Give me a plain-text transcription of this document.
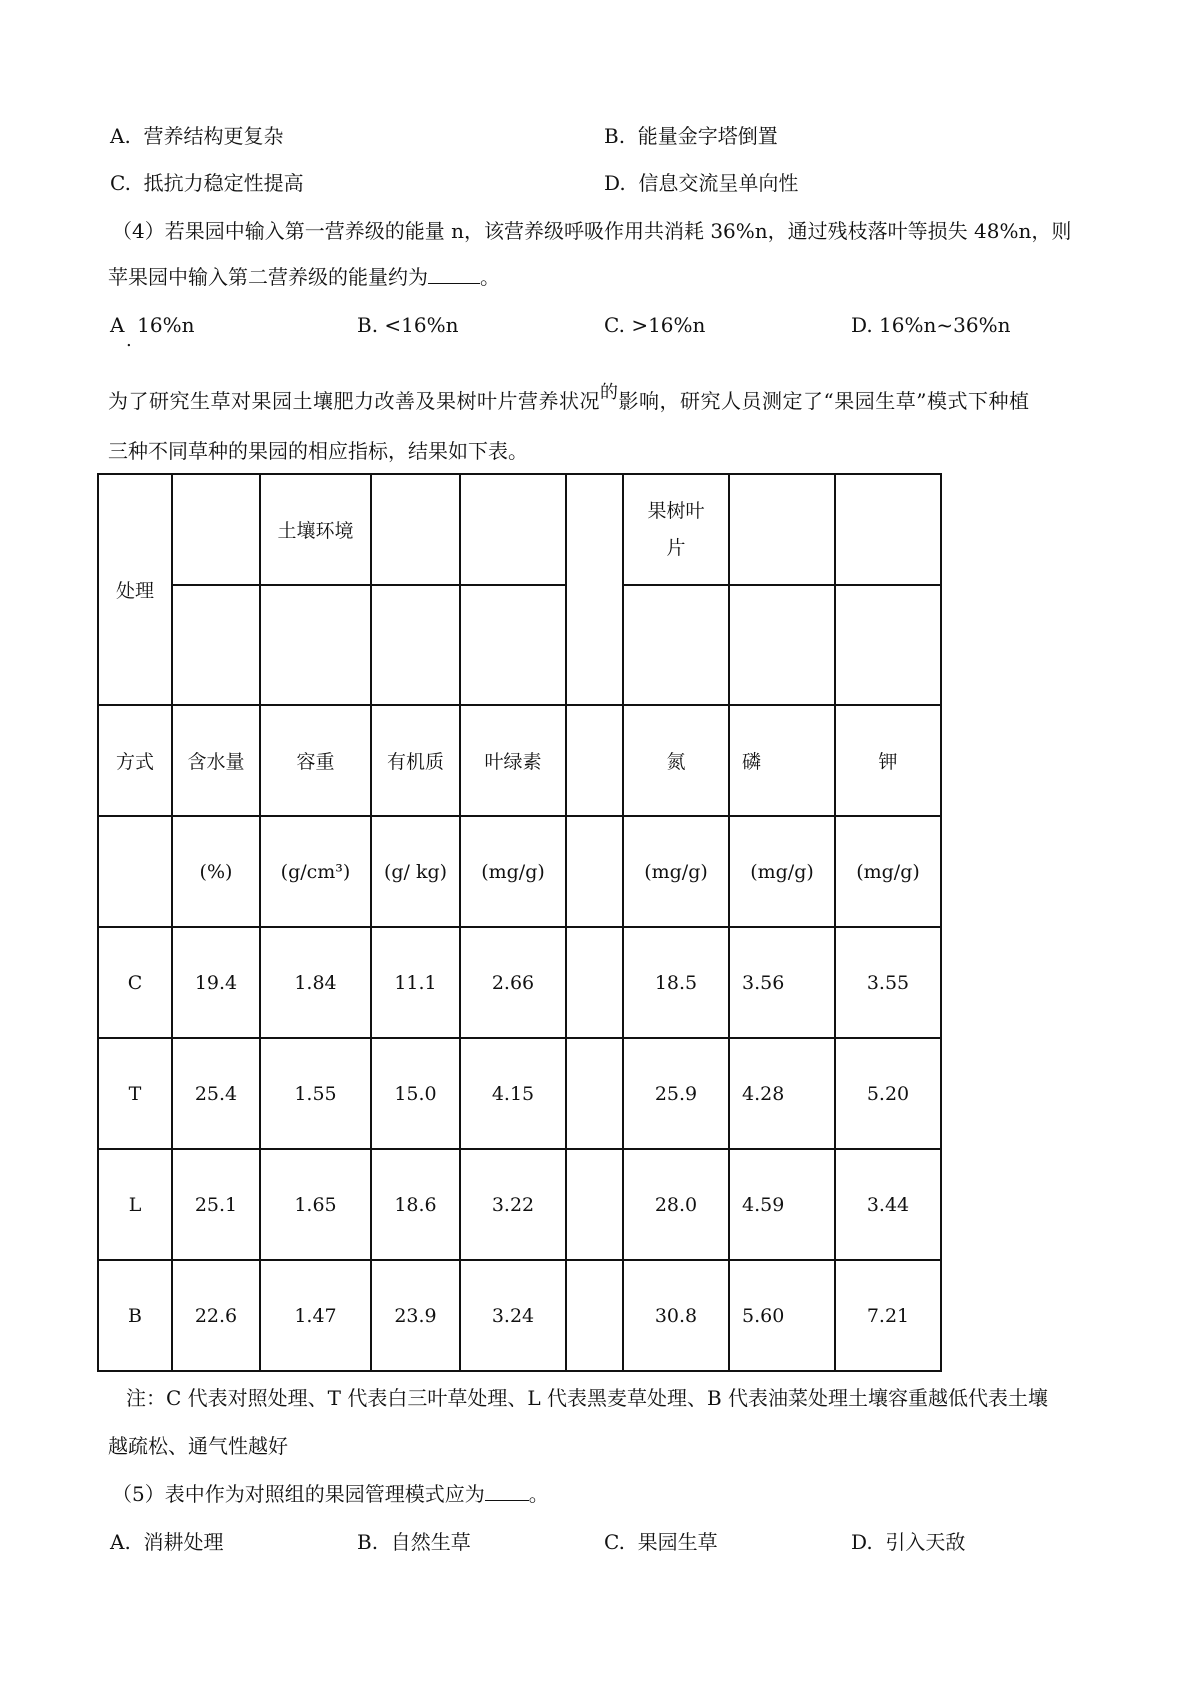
A. 营养结构更复杂	B. 能量金字塔倒置
C. 抵抗力稳定性提高	D. 信息交流呈单向性
（4）若果园中输入第一营养级的能量 n，该营养级呼吸作用共消耗 36%n，通过残枝落叶等损失 48%n，则
苹果园中输入第二营养级的能量约为	。
A 16%n
.
B. <16%n	C. >16%n	D. 16%n~36%n
为了研究生草对果园土壤肥力改善及果树叶片营养状况的影响，研究人员测定了“果园生草”模式下种植
三种不同草种的果园的相应指标，结果如下表。
处理		土壤环境				果树叶
片		

方式	含水量	容重	有机质	叶绿素		氮	磷	钾
	(%)	(g/cm³)	(g/ kg)	(mg/g)		(mg/g)	(mg/g)	(mg/g)
C	19.4	1.84	11.1	2.66		18.5	3.56	3.55
T	25.4	1.55	15.0	4.15		25.9	4.28	5.20
L	25.1	1.65	18.6	3.22		28.0	4.59	3.44
B	22.6	1.47	23.9	3.24		30.8	5.60	7.21
注：C 代表对照处理、T 代表白三叶草处理、L 代表黑麦草处理、B 代表油菜处理土壤容重越低代表土壤
越疏松、通气性越好
（5）表中作为对照组的果园管理模式应为 。
A. 消耕处理	B. 自然生草	C. 果园生草	D. 引入天敌
